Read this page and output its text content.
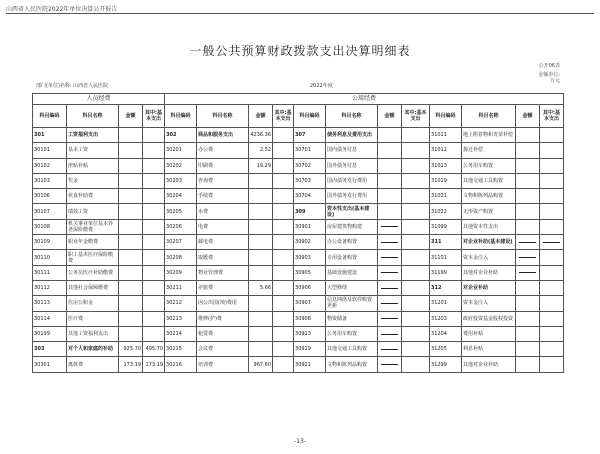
山西省人民医院2022年单位决算公开报告
一般公共预算财政拨款支出决算明细表
公开06表
金额单位:
万元
部门(单位)名称: 山西省人民医院	2022年度
人员经费				公用经费											
科目编码	科目名称	金额	其中:基本支出	科目编码	科目名称	金额	其中:基本支出	科目编码	科目名称	金额	其中:基本支出	科目编码	科目名称	金额	其中:基本支出
301	工资福利支出			302	商品和服务支出	4236.36		307	债务利息及费用支出			31011	地上附着物和青苗补偿		
30101	基本工资			30201	办公费	2.52		30701	国内债务付息			31012	拆迁补偿		
30102	津贴补贴			30202	印刷费	19.29		30702	国外债务付息			31013	公务用车购置		
30103	奖金			30203	咨询费			30703	国内债务发行费用			31019	其他交通工具购置		
30106	伙食补助费			30204	手续费			30704	国外债务发行费用			31021	文物和陈列品购置		
30107	绩效工资			30205	水费			309	资本性支出(基本建设)			31022	无形资产购置		
30108	机关事业单位基本养老保险缴费			30206	电费			30901	房屋建筑物购建			31099	其他资本性支出		
30109	职业年金缴费			30207	邮电费			30902	办公设备购置			311	对企业补助(基本建设)	

30110	职工基本医疗保险缴费			30208	取暖费			30903	专用设备购置			31101	资本金注入	

30111	公务员医疗补助缴费			30209	物业管理费			30905	基础设施建设			31199	其他对企业补助	

30112	其他社会保障缴费			30211	差旅费	5.66		30906	大型修缮			312	对企业补助		
30113	住房公积金			30212	因公出国(境)费用			30907	信息网络及软件购置更新			31201	资本金注入		
30114	医疗费			30213	维修(护)费			30908	物资储备			31203	政府投资基金股权投资		
30199	其他工资福利支出			30214	租赁费			30913	公务用车购置			31204	费用补贴		
303	对个人和家庭的补助	925.70	495.70	30215	会议费			30919	其他交通工具购置			31205	利息补贴		
30301	离休费	173.19	173.19	30216	培训费	967.60		30921	文物和陈列品购置			31299	其他对企业补助		
-13-
